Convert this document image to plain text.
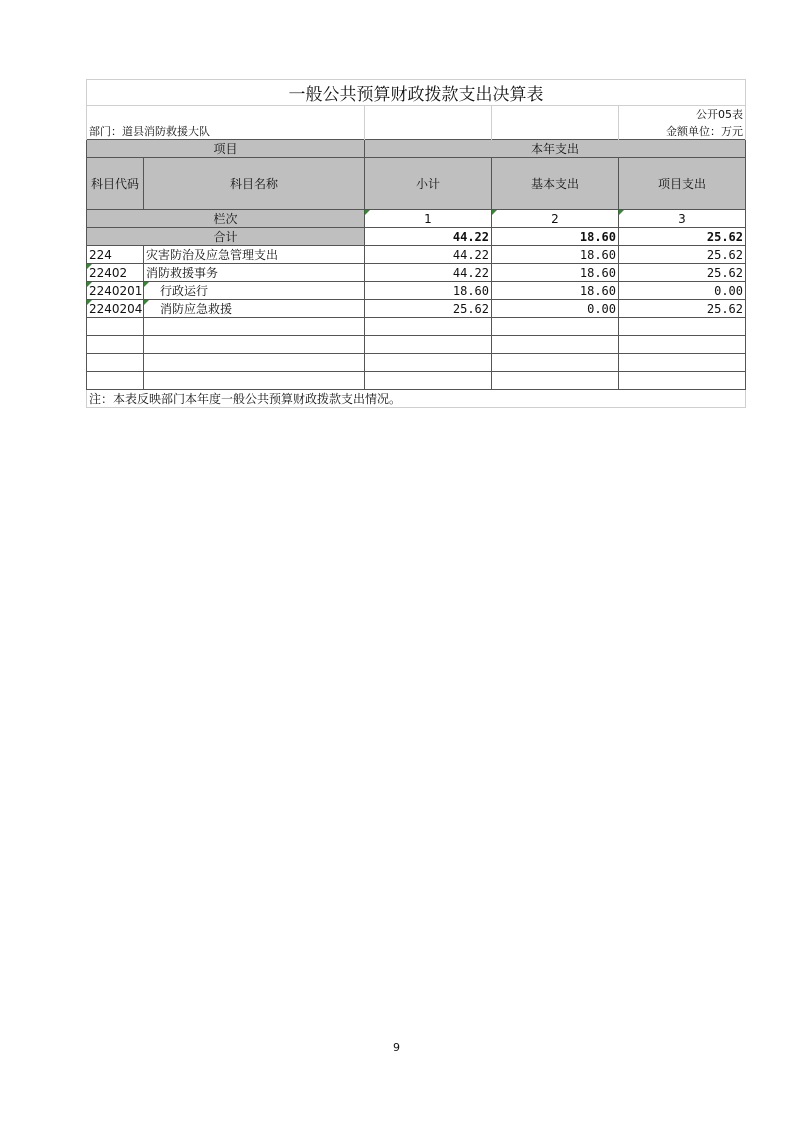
一般公共预算财政拨款支出决算表				
				公开05表
部门：道县消防救援大队				金额单位：万元
项目		本年支出		
科目代码	科目名称	小计	基本支出	项目支出
栏次		1	2	3
合计		44.22	18.60	25.62
224	灾害防治及应急管理支出	44.22	18.60	25.62
22402	消防救援事务	44.22	18.60	25.62
2240201	行政运行	18.60	18.60	0.00
2240204	消防应急救援	25.62	0.00	25.62

注：本表反映部门本年度一般公共预算财政拨款支出情况。				
9
